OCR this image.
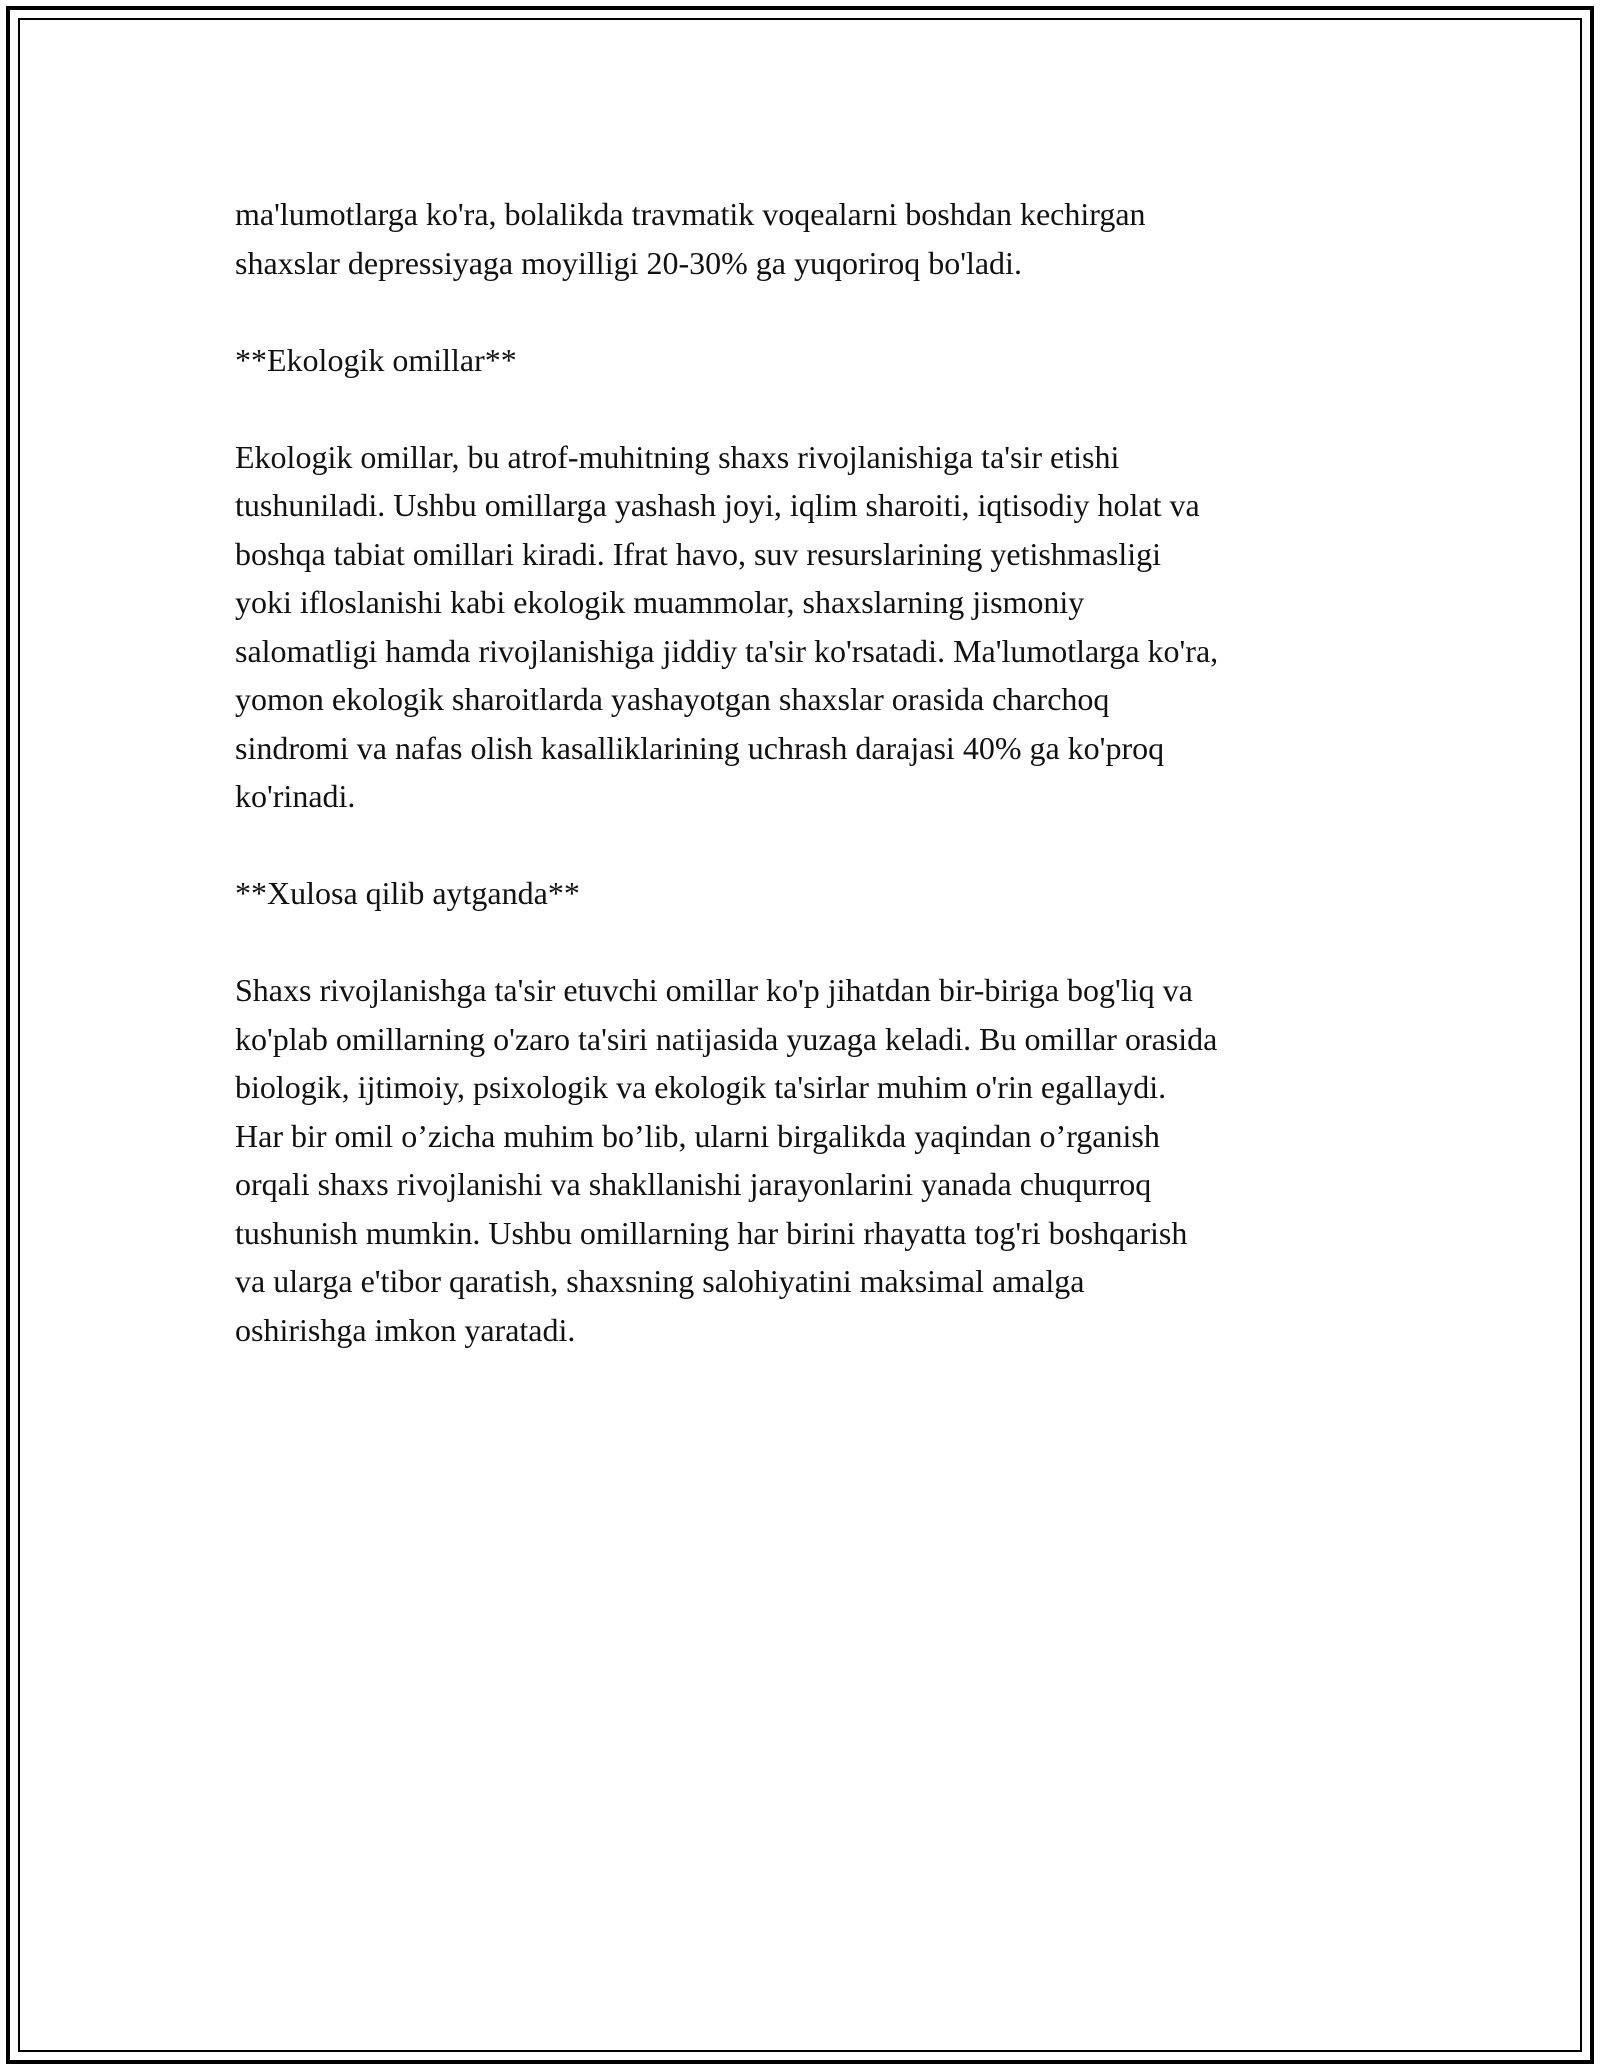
ma'lumotlarga ko'ra, bolalikda travmatik voqealarni boshdan kechirgan
shaxslar depressiyaga moyilligi 20-30% ga yuqoriroq bo'ladi.

**Ekologik omillar**

Ekologik omillar, bu atrof-muhitning shaxs rivojlanishiga ta'sir etishi
tushuniladi. Ushbu omillarga yashash joyi, iqlim sharoiti, iqtisodiy holat va
boshqa tabiat omillari kiradi. Ifrat havo, suv resurslarining yetishmasligi
yoki ifloslanishi kabi ekologik muammolar, shaxslarning jismoniy
salomatligi hamda rivojlanishiga jiddiy ta'sir ko'rsatadi. Ma'lumotlarga ko'ra,
yomon ekologik sharoitlarda yashayotgan shaxslar orasida charchoq
sindromi va nafas olish kasalliklarining uchrash darajasi 40% ga ko'proq
ko'rinadi.

**Xulosa qilib aytganda**

Shaxs rivojlanishga ta'sir etuvchi omillar ko'p jihatdan bir-biriga bog'liq va
ko'plab omillarning o'zaro ta'siri natijasida yuzaga keladi. Bu omillar orasida
biologik, ijtimoiy, psixologik va ekologik ta'sirlar muhim o'rin egallaydi.
Har bir omil o’zicha muhim bo’lib, ularni birgalikda yaqindan o’rganish
orqali shaxs rivojlanishi va shakllanishi jarayonlarini yanada chuqurroq
tushunish mumkin. Ushbu omillarning har birini rhayatta tog'ri boshqarish
va ularga e'tibor qaratish, shaxsning salohiyatini maksimal amalga
oshirishga imkon yaratadi.
